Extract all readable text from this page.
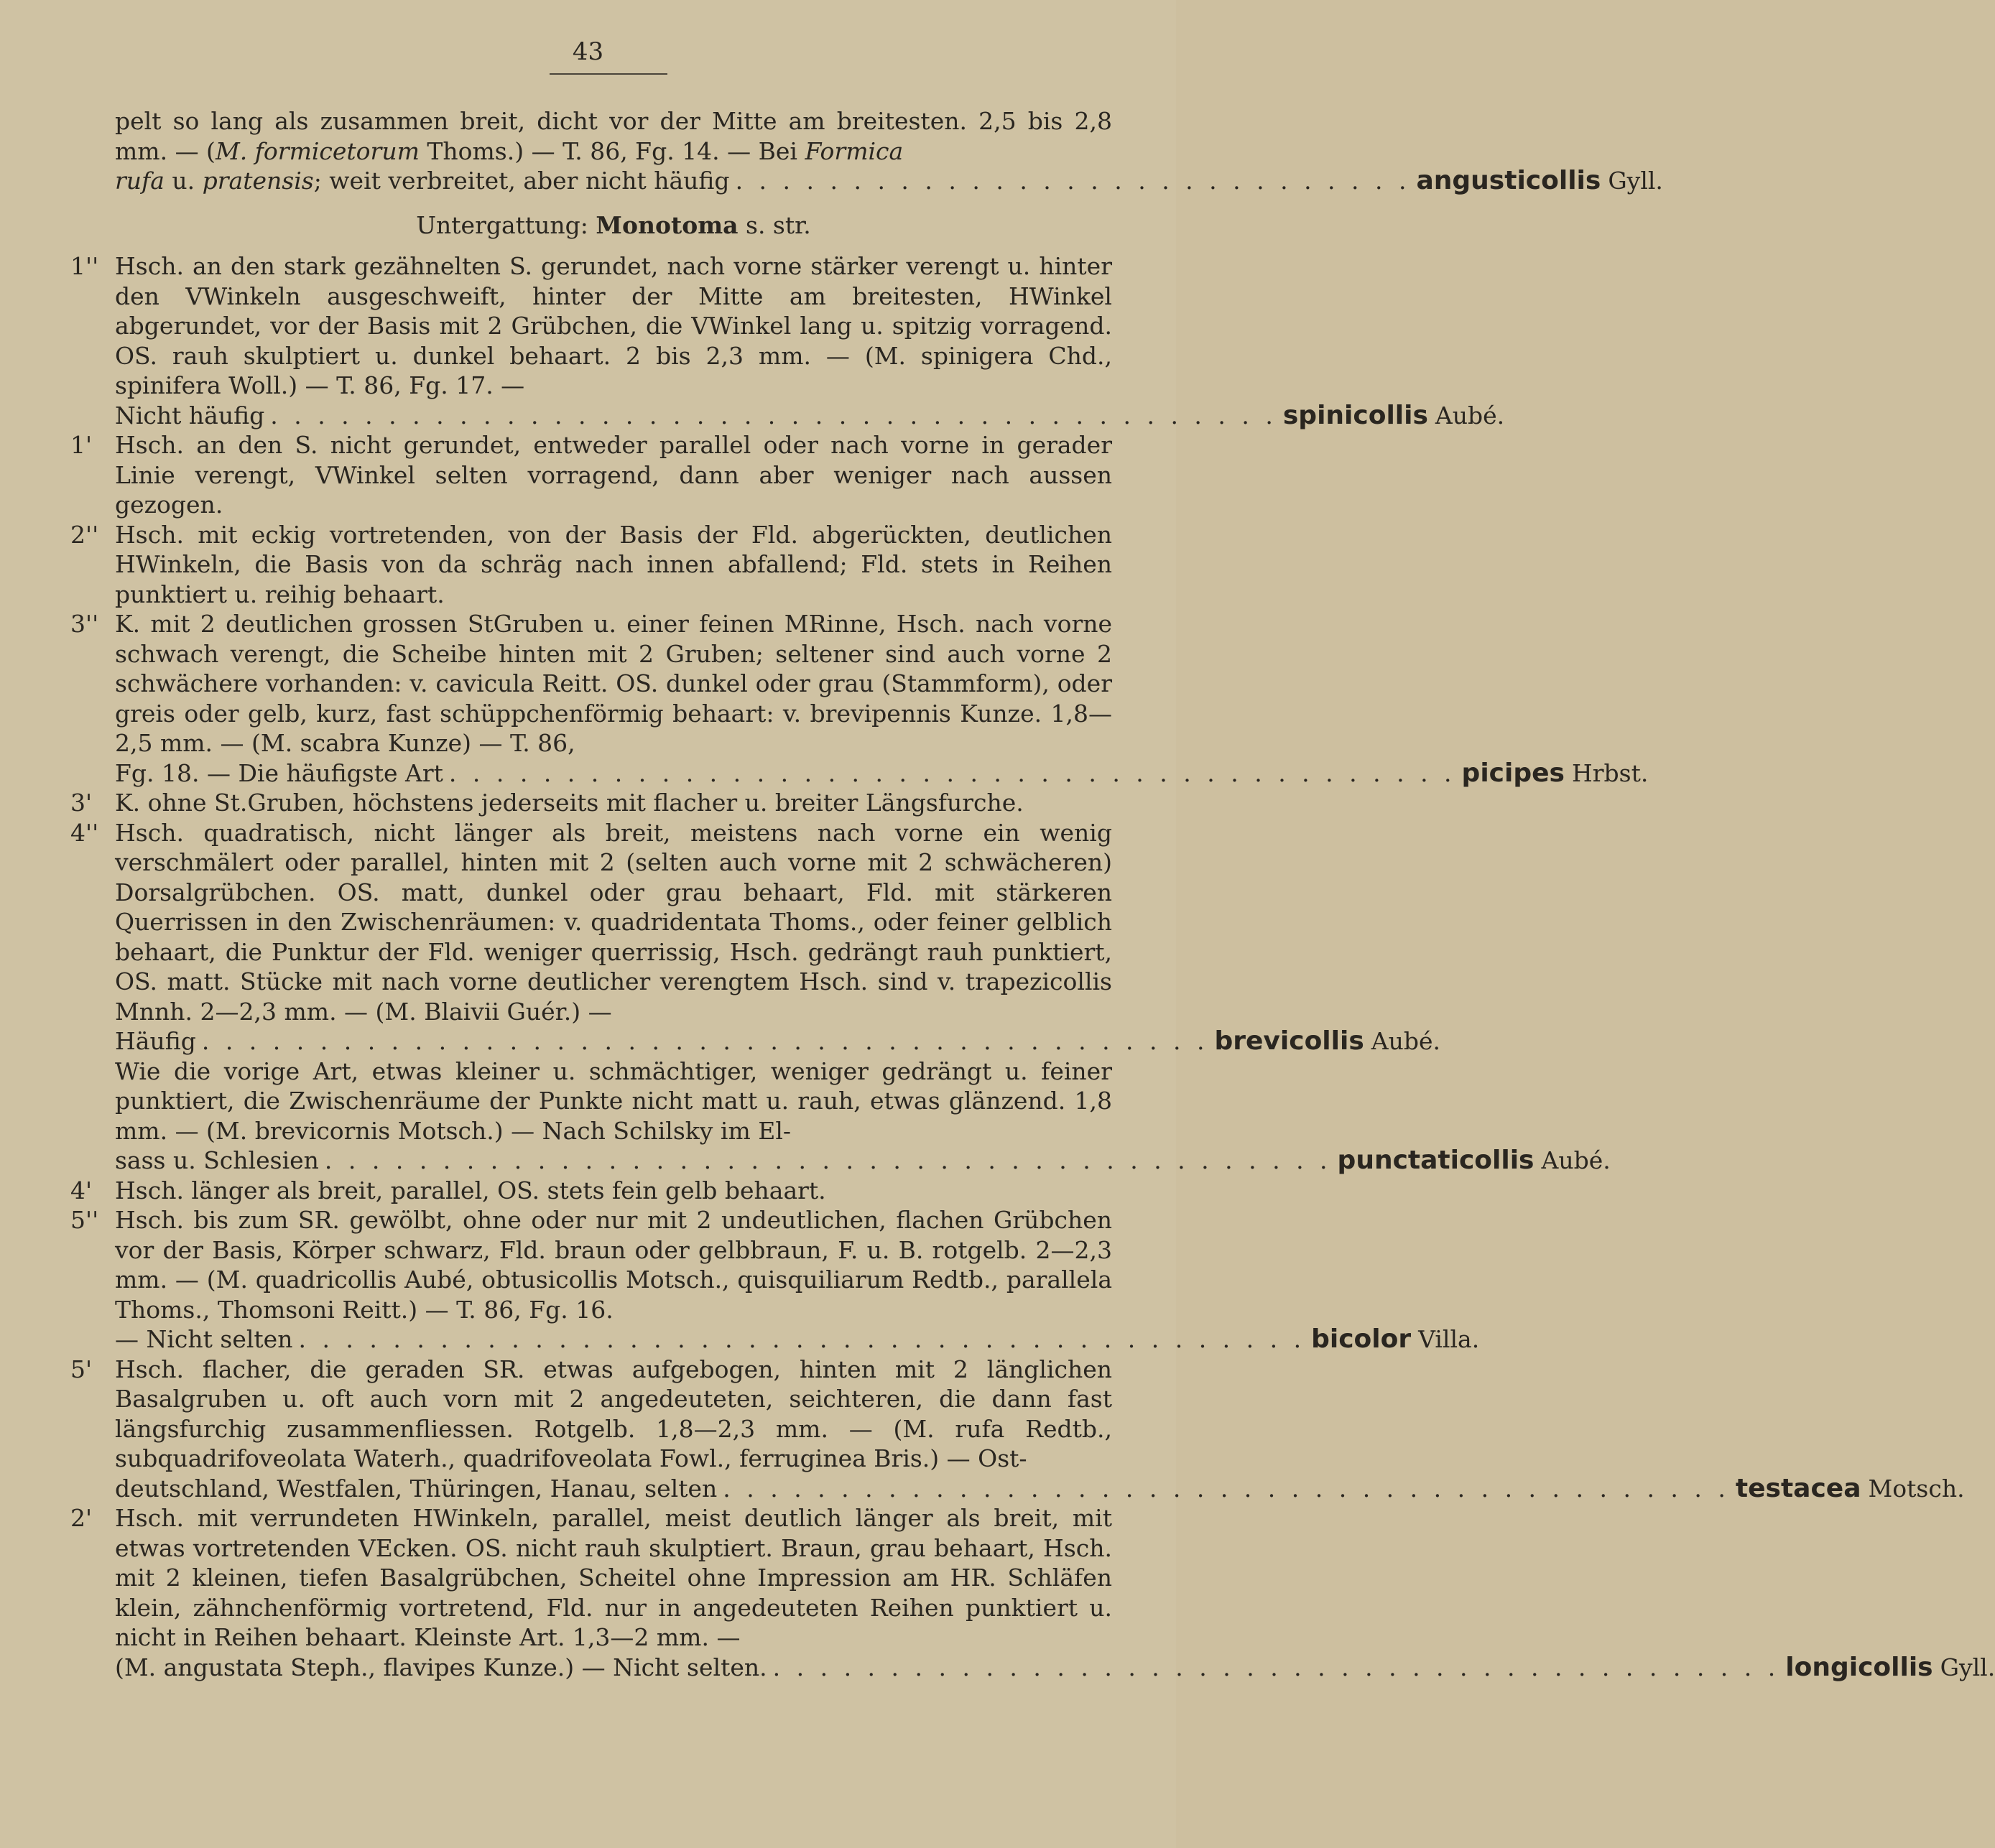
43

pelt so lang als zusammen breit, dicht vor der Mitte am breitesten. 2,5 bis 2,8 mm. — (M. formicetorum Thoms.) — T. 86, Fg. 14. — Bei Formica

rufa u. pratensis; weit verbreitet, aber nicht häufig . . . . . . . . . . . . . . . . . . . . . . . . . . . . . angusticollis Gyll.
Untergattung: Monotoma s. str.
1'' Hsch. an den stark gezähnelten S. gerundet, nach vorne stärker verengt u. hinter den VWinkeln ausgeschweift, hinter der Mitte am breitesten, HWinkel abgerundet, vor der Basis mit 2 Grübchen, die VWinkel lang u. spitzig vorragend. OS. rauh skulptiert u. dunkel behaart. 2 bis 2,3 mm. — (M. spinigera Chd., spinifera Woll.) — T. 86, Fg. 17. —

Nicht häufig . . . . . . . . . . . . . . . . . . . . . . . . . . . . . . . . . . . . . . . . . . . spinicollis Aubé.
1' Hsch. an den S. nicht gerundet, entweder parallel oder nach vorne in gerader Linie verengt, VWinkel selten vorragend, dann aber weniger nach aussen gezogen.

2'' Hsch. mit eckig vortretenden, von der Basis der Fld. abgerückten, deutlichen HWinkeln, die Basis von da schräg nach innen abfallend; Fld. stets in Reihen punktiert u. reihig behaart.

3'' K. mit 2 deutlichen grossen StGruben u. einer feinen MRinne, Hsch. nach vorne schwach verengt, die Scheibe hinten mit 2 Gruben; seltener sind auch vorne 2 schwächere vorhanden: v. cavicula Reitt. OS. dunkel oder grau (Stammform), oder greis oder gelb, kurz, fast schüppchenförmig behaart: v. brevipennis Kunze. 1,8—2,5 mm. — (M. scabra Kunze) — T. 86,

Fg. 18. — Die häufigste Art . . . . . . . . . . . . . . . . . . . . . . . . . . . . . . . . . . . . . . . . . . . picipes Hrbst.
3' K. ohne St.Gruben, höchstens jederseits mit flacher u. breiter Längsfurche.

4'' Hsch. quadratisch, nicht länger als breit, meistens nach vorne ein wenig verschmälert oder parallel, hinten mit 2 (selten auch vorne mit 2 schwächeren) Dorsalgrübchen. OS. matt, dunkel oder grau behaart, Fld. mit stärkeren Querrissen in den Zwischenräumen: v. quadridentata Thoms., oder feiner gelblich behaart, die Punktur der Fld. weniger querrissig, Hsch. gedrängt rauh punktiert, OS. matt. Stücke mit nach vorne deutlicher verengtem Hsch. sind v. trapezicollis Mnnh. 2—2,3 mm. — (M. Blaivii Guér.) —

Häufig . . . . . . . . . . . . . . . . . . . . . . . . . . . . . . . . . . . . . . . . . . . brevicollis Aubé.

Wie die vorige Art, etwas kleiner u. schmächtiger, weniger gedrängt u. feiner punktiert, die Zwischenräume der Punkte nicht matt u. rauh, etwas glänzend. 1,8 mm. — (M. brevicornis Motsch.) — Nach Schilsky im El-

sass u. Schlesien . . . . . . . . . . . . . . . . . . . . . . . . . . . . . . . . . . . . . . . . . . . punctaticollis Aubé.
4' Hsch. länger als breit, parallel, OS. stets fein gelb behaart.

5'' Hsch. bis zum SR. gewölbt, ohne oder nur mit 2 undeutlichen, flachen Grübchen vor der Basis, Körper schwarz, Fld. braun oder gelbbraun, F. u. B. rotgelb. 2—2,3 mm. — (M. quadricollis Aubé, obtusicollis Motsch., quisquiliarum Redtb., parallela Thoms., Thomsoni Reitt.) — T. 86, Fg. 16.

— Nicht selten . . . . . . . . . . . . . . . . . . . . . . . . . . . . . . . . . . . . . . . . . . . bicolor Villa.
5' Hsch. flacher, die geraden SR. etwas aufgebogen, hinten mit 2 länglichen Basalgruben u. oft auch vorn mit 2 angedeuteten, seichteren, die dann fast längsfurchig zusammenfliessen. Rotgelb. 1,8—2,3 mm. — (M. rufa Redtb., subquadrifoveolata Waterh., quadrifoveolata Fowl., ferruginea Bris.) — Ost-

deutschland, Westfalen, Thüringen, Hanau, selten . . . . . . . . . . . . . . . . . . . . . . . . . . . . . . . . . . . . . . . . . . . testacea Motsch.
2' Hsch. mit verrundeten HWinkeln, parallel, meist deutlich länger als breit, mit etwas vortretenden VEcken. OS. nicht rauh skulptiert. Braun, grau behaart, Hsch. mit 2 kleinen, tiefen Basalgrübchen, Scheitel ohne Impression am HR. Schläfen klein, zähnchenförmig vortretend, Fld. nur in angedeuteten Reihen punktiert u. nicht in Reihen behaart. Kleinste Art. 1,3—2 mm. —

(M. angustata Steph., flavipes Kunze.) — Nicht selten. . . . . . . . . . . . . . . . . . . . . . . . . . . . . . . . . . . . . . . . . . . . longicollis Gyll.
